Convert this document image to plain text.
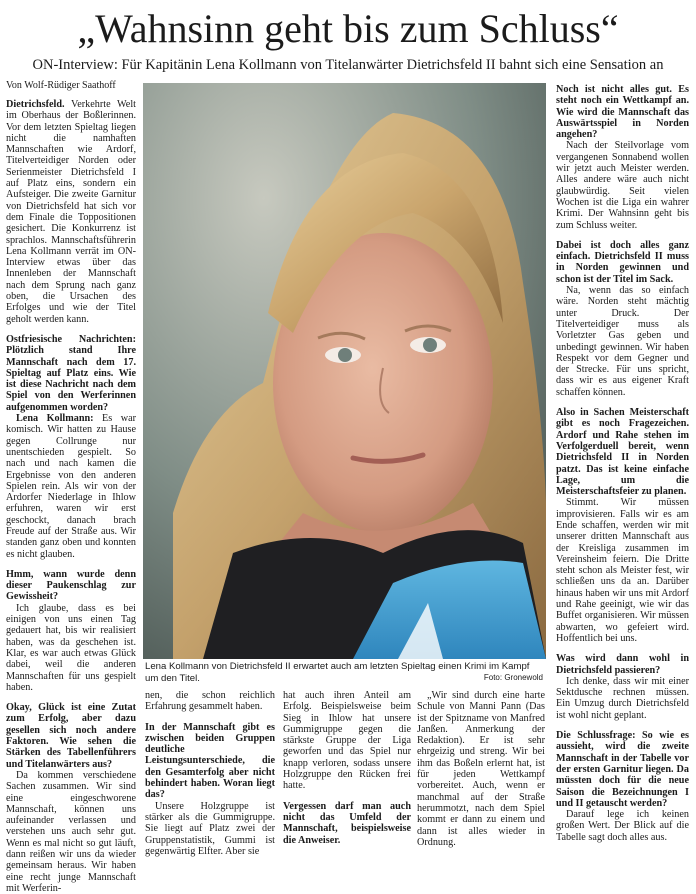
„Wahnsinn geht bis zum Schluss“
ON-Interview: Für Kapitänin Lena Kollmann von Titelanwärter Dietrichsfeld II bahnt sich eine Sensation an
Von Wolf-Rüdiger Saathoff

Dietrichsfeld. Verkehrte Welt im Oberhaus der Boßlerinnen. Vor dem letzten Spieltag liegen nicht die namhaften Mannschaften wie Ardorf, Titelverteidiger Norden oder Serienmeister Dietrichsfeld I auf Platz eins, sondern ein Aufsteiger. Die zweite Garnitur von Dietrichsfeld hat sich vor dem Finale die Toppositionen gesichert. Die Konkurrenz ist sprachlos. Mannschaftsführerin Lena Kollmann verrät im ON-Interview etwas über das Innenleben der Mannschaft nach dem Sprung nach ganz oben, die Ursachen des Erfolges und wie der Titel geholt werden kann.

Ostfriesische Nachrichten: Plötzlich stand Ihre Mannschaft nach dem 17. Spieltag auf Platz eins. Wie ist diese Nachricht nach dem Spiel von den Werferinnen aufgenommen worden?

Lena Kollmann: Es war komisch. Wir hatten zu Hause gegen Collrunge nur unentschieden gespielt. So nach und nach kamen die Ergebnisse von den anderen Spielen rein. Als wir von der Ardorfer Niederlage in Ihlow erfuhren, waren wir erst geschockt, danach brach Freude auf der Straße aus. Wir standen ganz oben und konnten es nicht glauben.

Hmm, wann wurde denn dieser Paukenschlag zur Gewissheit?

Ich glaube, dass es bei einigen von uns einen Tag gedauert hat, bis wir realisiert haben, was da geschehen ist. Klar, es war auch etwas Glück dabei, weil die anderen Mannschaften für uns gespielt haben.

Okay, Glück ist eine Zutat zum Erfolg, aber dazu gesellen sich noch andere Faktoren. Wie sehen die Stärken des Tabellenführers und Titelanwärters aus?

Da kommen verschiedene Sachen zusammen. Wir sind eine eingeschworene Mannschaft, können uns aufeinander verlassen und verstehen uns auch sehr gut. Wenn es mal nicht so gut läuft, dann reißen wir uns da wieder gemeinsam heraus. Wir haben eine recht junge Mannschaft mit Werferin-

Lena Kollmann von Dietrichsfeld II erwartet auch am letzten Spieltag einen Krimi im Kampf um den Titel.	Foto: Gronewold

nen, die schon reichlich Erfahrung gesammelt haben.

In der Mannschaft gibt es zwischen beiden Gruppen deutliche Leistungsunterschiede, die den Gesamterfolg aber nicht behindert haben. Woran liegt das?

Unsere Holzgruppe ist stärker als die Gummigruppe. Sie liegt auf Platz zwei der Gruppenstatistik, Gummi ist gegenwärtig Elfter. Aber sie

hat auch ihren Anteil am Erfolg. Beispielsweise beim Sieg in Ihlow hat unsere Gummigruppe gegen die stärkste Gruppe der Liga geworfen und das Spiel nur knapp verloren, sodass unsere Holzgruppe den Rücken frei hatte.

Vergessen darf man auch nicht das Umfeld der Mannschaft, beispielsweise die Anweiser.

„Wir sind durch eine harte Schule von Manni Pann (Das ist der Spitzname von Manfred Janßen. Anmerkung der Redaktion). Er ist sehr ehrgeizig und streng. Wir bei ihm das Boßeln erlernt hat, ist für jeden Wettkampf vorbereitet. Auch, wenn er manchmal auf der Straße herummotzt, nach dem Spiel kommt er dann zu einem und dann ist alles wieder in Ordnung.

Noch ist nicht alles gut. Es steht noch ein Wettkampf an. Wie wird die Mannschaft das Auswärtsspiel in Norden angehen?

Nach der Steilvorlage vom vergangenen Sonnabend wollen wir jetzt auch Meister werden. Alles andere wäre auch nicht glaubwürdig. Seit vielen Wochen ist die Liga ein wahrer Krimi. Der Wahnsinn geht bis zum Schluss weiter.

Dabei ist doch alles ganz einfach. Dietrichsfeld II muss in Norden gewinnen und schon ist der Titel im Sack.

Na, wenn das so einfach wäre. Norden steht mächtig unter Druck. Der Titelverteidiger muss als Vorletzter Gas geben und unbedingt gewinnen. Wir haben Respekt vor dem Gegner und der Strecke. Für uns spricht, dass wir es aus eigener Kraft schaffen können.

Also in Sachen Meisterschaft gibt es noch Fragezeichen. Ardorf und Rahe stehen im Verfolgerduell bereit, wenn Dietrichsfeld II in Norden patzt. Das ist keine einfache Lage, um die Meisterschaftsfeier zu planen.

Stimmt. Wir müssen improvisieren. Falls wir es am Ende schaffen, werden wir mit unserer dritten Mannschaft aus der Kreisliga zusammen im Vereinsheim feiern. Die Dritte steht schon als Meister fest, wir schließen uns da an. Darüber hinaus haben wir uns mit Ardorf und Rahe geeinigt, wie wir das Buffet organisieren. Wir müssen abwarten, wo gefeiert wird. Hoffentlich bei uns.

Was wird dann wohl in Dietrichsfeld passieren?

Ich denke, dass wir mit einer Sektdusche rechnen müssen. Ein Umzug durch Dietrichsfeld ist wohl nicht geplant.

Die Schlussfrage: So wie es aussieht, wird die zweite Mannschaft in der Tabelle vor der ersten Garnitur liegen. Da müssten doch für die neue Saison die Bezeichnungen I und II getauscht werden?

Darauf lege ich keinen großen Wert. Der Blick auf die Tabelle sagt doch alles aus.
